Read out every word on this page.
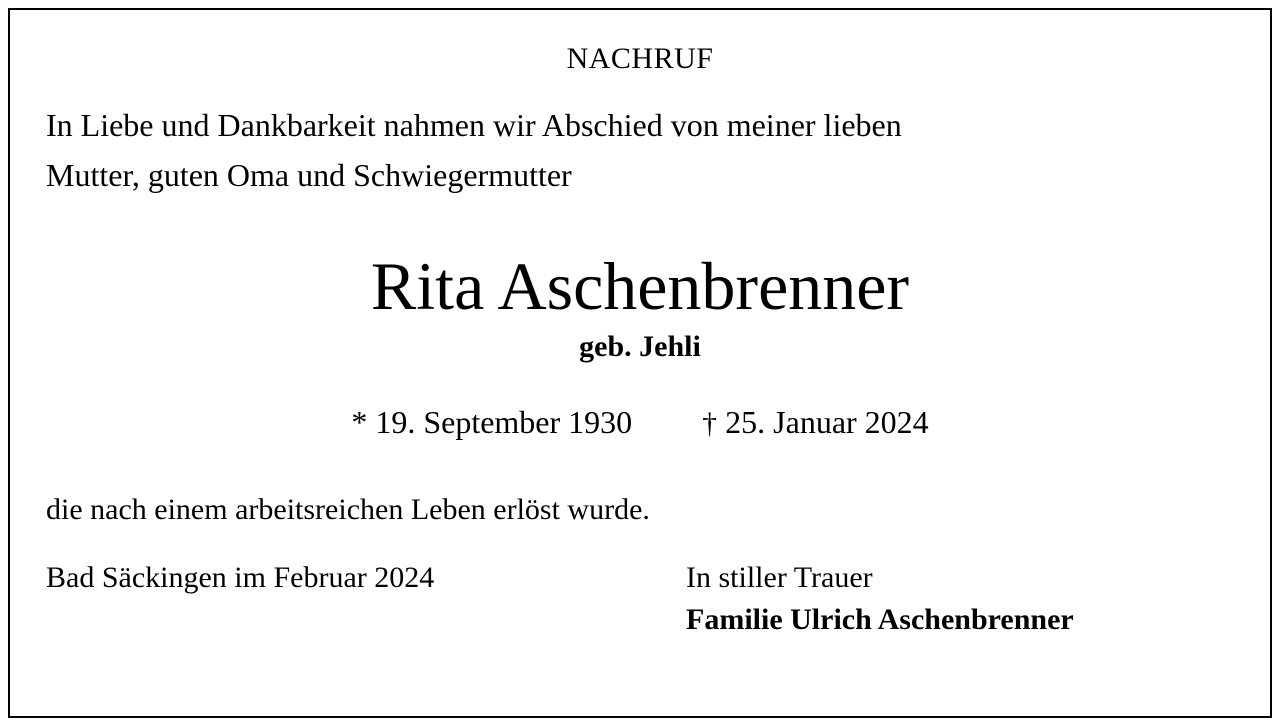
NACHRUF
In Liebe und Dankbarkeit nahmen wir Abschied von meiner lieben
Mutter, guten Oma und Schwiegermutter
Rita Aschenbrenner
geb. Jehli
* 19. September 1930 † 25. Januar 2024
die nach einem arbeitsreichen Leben erlöst wurde.
Bad Säckingen im Februar 2024	In stiller Trauer
Familie Ulrich Aschenbrenner
